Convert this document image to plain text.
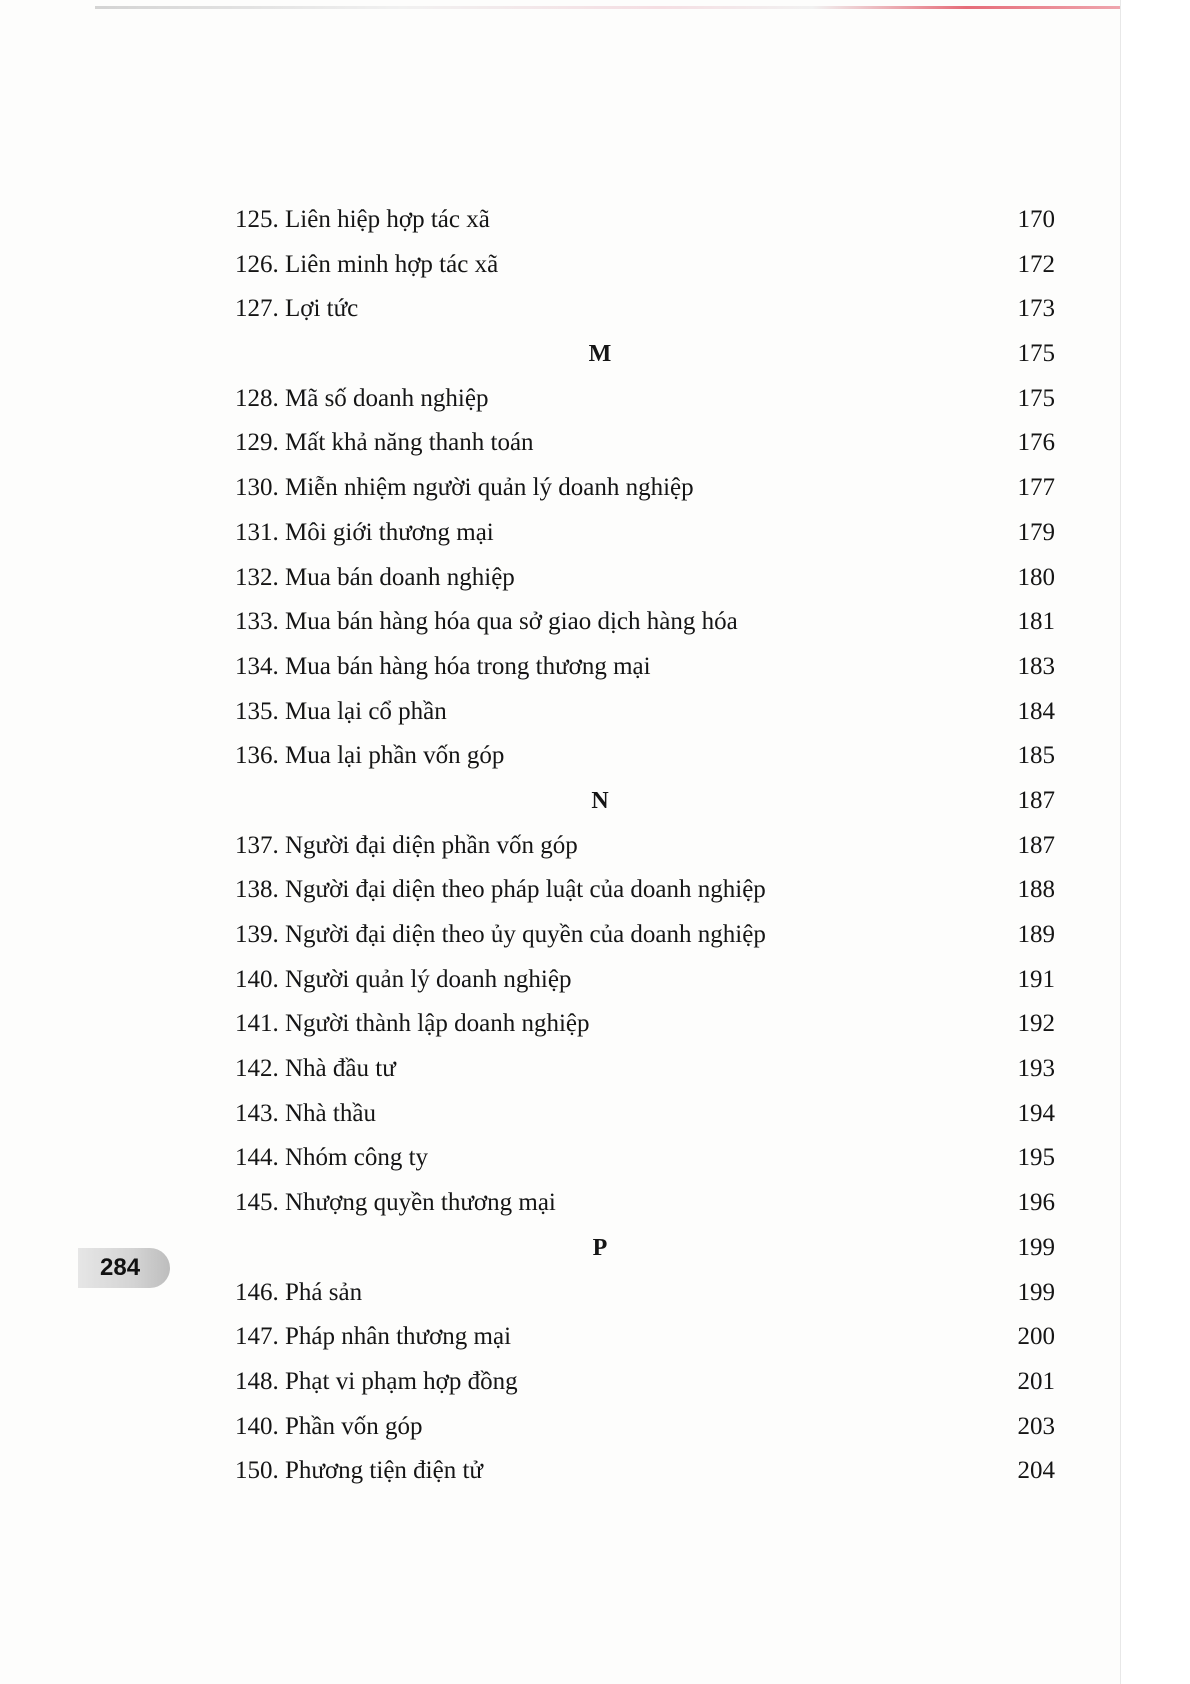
125. Liên hiệp hợp tác xã	170
126. Liên minh hợp tác xã	172
127. Lợi tức	173
M	175
128. Mã số doanh nghiệp	175
129. Mất khả năng thanh toán	176
130. Miễn nhiệm người quản lý doanh nghiệp	177
131. Môi giới thương mại	179
132. Mua bán doanh nghiệp	180
133. Mua bán hàng hóa qua sở giao dịch hàng hóa	181
134. Mua bán hàng hóa trong thương mại	183
135. Mua lại cổ phần	184
136. Mua lại phần vốn góp	185
N	187
137. Người đại diện phần vốn góp	187
138. Người đại diện theo pháp luật của doanh nghiệp	188
139. Người đại diện theo ủy quyền của doanh nghiệp	189
140. Người quản lý doanh nghiệp	191
141. Người thành lập doanh nghiệp	192
142. Nhà đầu tư	193
143. Nhà thầu	194
144. Nhóm công ty	195
145. Nhượng quyền thương mại	196
P	199
146. Phá sản	199
147. Pháp nhân thương mại	200
148. Phạt vi phạm hợp đồng	201
140. Phần vốn góp	203
150. Phương tiện điện tử	204
284
